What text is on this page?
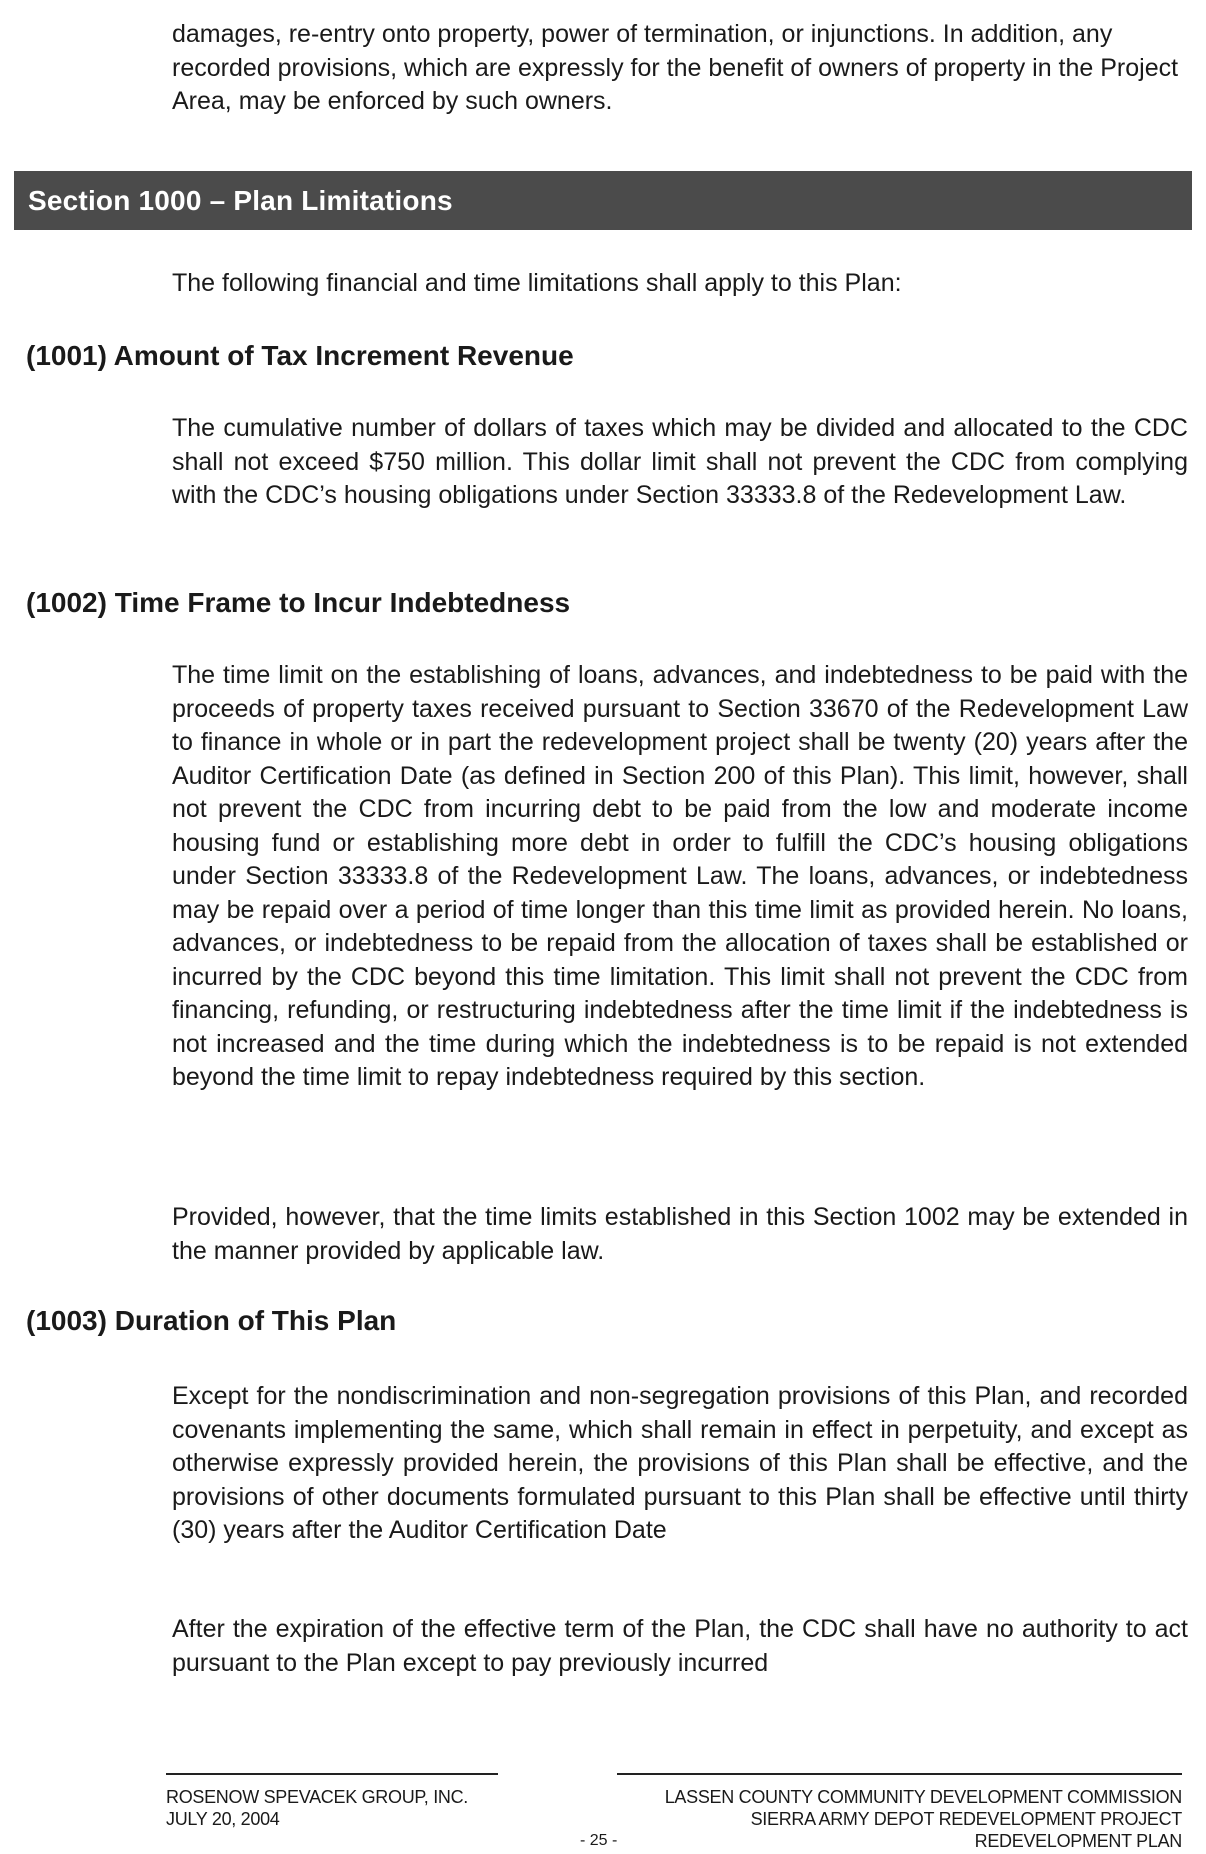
damages, re-entry onto property, power of termination, or injunctions. In addition, any recorded provisions, which are expressly for the benefit of owners of property in the Project Area, may be enforced by such owners.

Section 1000 – Plan Limitations

The following financial and time limitations shall apply to this Plan:

(1001) Amount of Tax Increment Revenue

The cumulative number of dollars of taxes which may be divided and allocated to the CDC shall not exceed $750 million. This dollar limit shall not prevent the CDC from complying with the CDC’s housing obligations under Section 33333.8 of the Redevelopment Law.

(1002) Time Frame to Incur Indebtedness

The time limit on the establishing of loans, advances, and indebtedness to be paid with the proceeds of property taxes received pursuant to Section 33670 of the Redevelopment Law to finance in whole or in part the redevelopment project shall be twenty (20) years after the Auditor Certification Date (as defined in Section 200 of this Plan). This limit, however, shall not prevent the CDC from incurring debt to be paid from the low and moderate income housing fund or establishing more debt in order to fulfill the CDC’s housing obligations under Section 33333.8 of the Redevelopment Law. The loans, advances, or indebtedness may be repaid over a period of time longer than this time limit as provided herein. No loans, advances, or indebtedness to be repaid from the allocation of taxes shall be established or incurred by the CDC beyond this time limitation. This limit shall not prevent the CDC from financing, refunding, or restructuring indebtedness after the time limit if the indebtedness is not increased and the time during which the indebtedness is to be repaid is not extended beyond the time limit to repay indebtedness required by this section.

Provided, however, that the time limits established in this Section 1002 may be extended in the manner provided by applicable law.

(1003) Duration of This Plan

Except for the nondiscrimination and non-segregation provisions of this Plan, and recorded covenants implementing the same, which shall remain in effect in perpetuity, and except as otherwise expressly provided herein, the provisions of this Plan shall be effective, and the provisions of other documents formulated pursuant to this Plan shall be effective until thirty (30) years after the Auditor Certification Date

After the expiration of the effective term of the Plan, the CDC shall have no authority to act pursuant to the Plan except to pay previously incurred

ROSENOW SPEVACEK GROUP, INC.
JULY 20, 2004
LASSEN COUNTY COMMUNITY DEVELOPMENT COMMISSION
SIERRA ARMY DEPOT REDEVELOPMENT PROJECT
REDEVELOPMENT PLAN

- 25 -
